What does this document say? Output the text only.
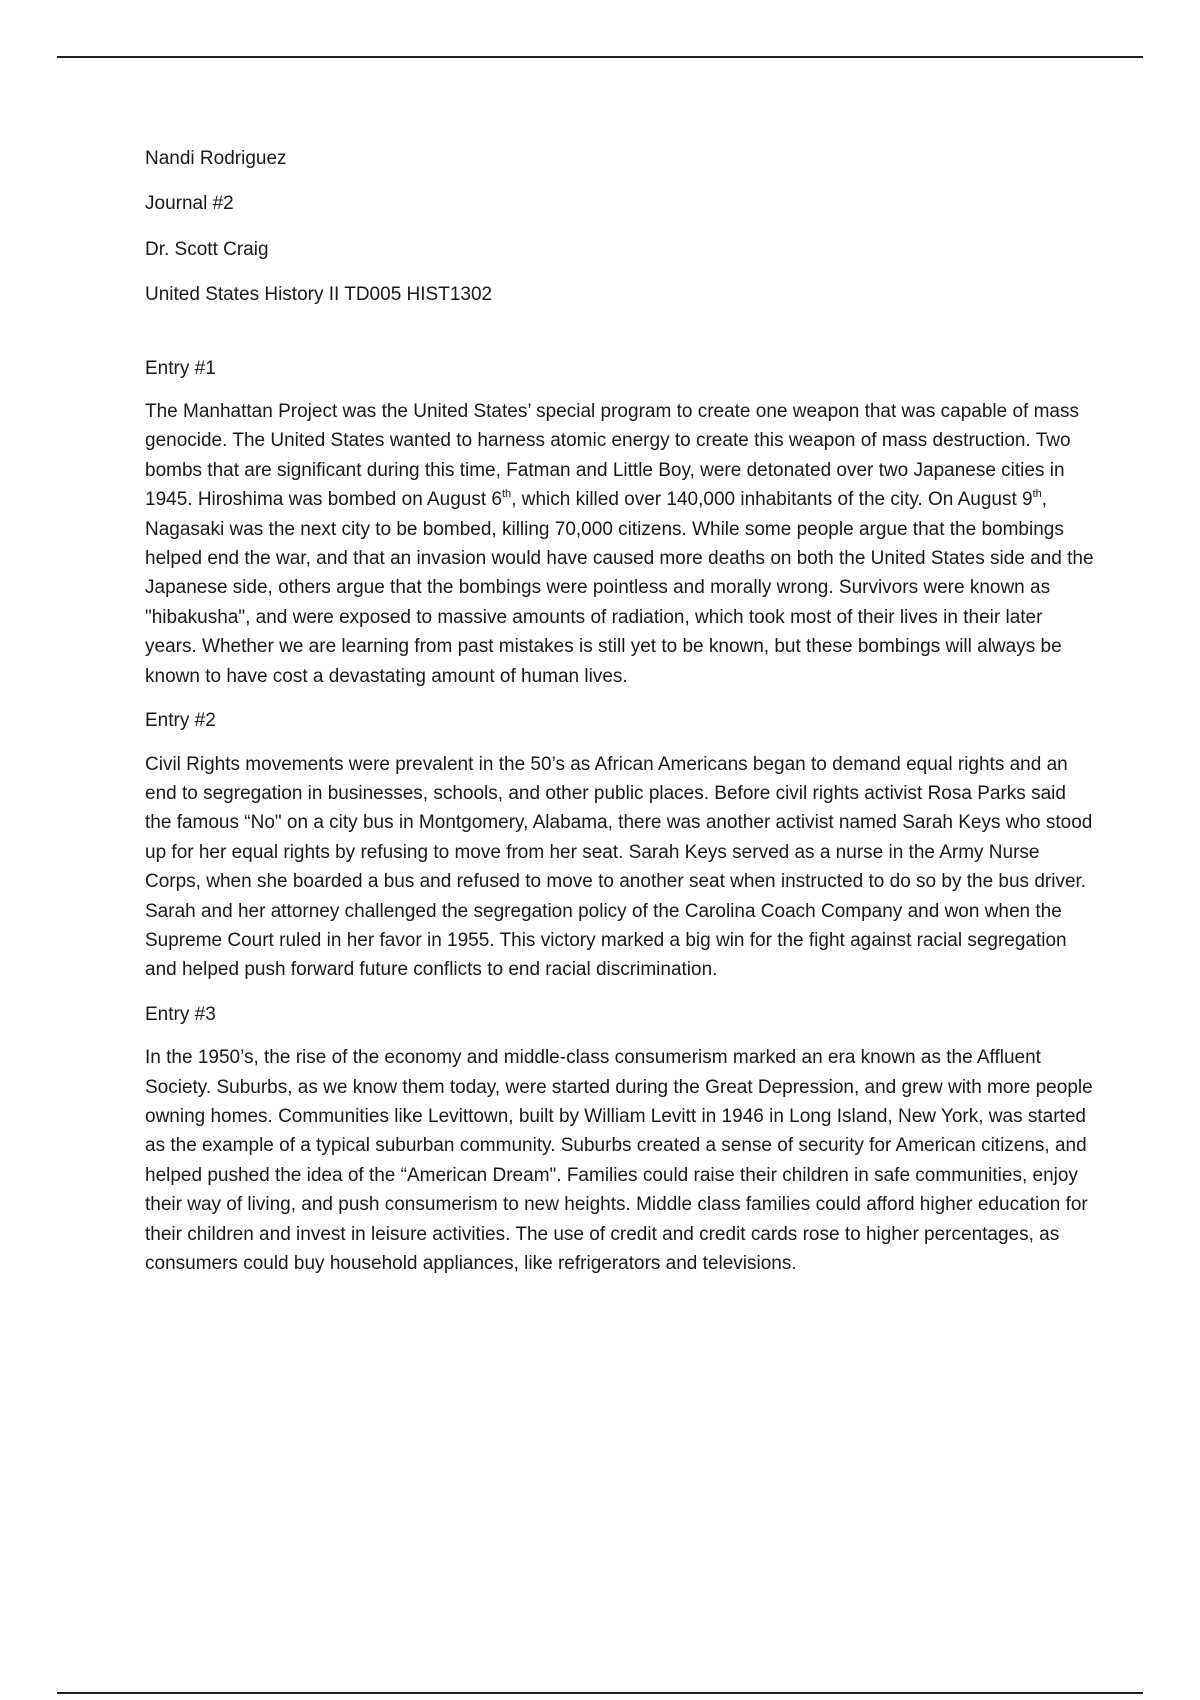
Nandi Rodriguez

Journal #2

Dr. Scott Craig

United States History II TD005 HIST1302

Entry #1

The Manhattan Project was the United States’ special program to create one weapon that was capable of mass genocide. The United States wanted to harness atomic energy to create this weapon of mass destruction. Two bombs that are significant during this time, Fatman and Little Boy, were detonated over two Japanese cities in 1945. Hiroshima was bombed on August 6th, which killed over 140,000 inhabitants of the city. On August 9th, Nagasaki was the next city to be bombed, killing 70,000 citizens. While some people argue that the bombings helped end the war, and that an invasion would have caused more deaths on both the United States side and the Japanese side, others argue that the bombings were pointless and morally wrong. Survivors were known as "hibakusha", and were exposed to massive amounts of radiation, which took most of their lives in their later years. Whether we are learning from past mistakes is still yet to be known, but these bombings will always be known to have cost a devastating amount of human lives.

Entry #2

Civil Rights movements were prevalent in the 50’s as African Americans began to demand equal rights and an end to segregation in businesses, schools, and other public places. Before civil rights activist Rosa Parks said the famous “No" on a city bus in Montgomery, Alabama, there was another activist named Sarah Keys who stood up for her equal rights by refusing to move from her seat. Sarah Keys served as a nurse in the Army Nurse Corps, when she boarded a bus and refused to move to another seat when instructed to do so by the bus driver. Sarah and her attorney challenged the segregation policy of the Carolina Coach Company and won when the Supreme Court ruled in her favor in 1955. This victory marked a big win for the fight against racial segregation and helped push forward future conflicts to end racial discrimination.

Entry #3

In the 1950’s, the rise of the economy and middle-class consumerism marked an era known as the Affluent Society. Suburbs, as we know them today, were started during the Great Depression, and grew with more people owning homes. Communities like Levittown, built by William Levitt in 1946 in Long Island, New York, was started as the example of a typical suburban community. Suburbs created a sense of security for American citizens, and helped pushed the idea of the “American Dream". Families could raise their children in safe communities, enjoy their way of living, and push consumerism to new heights. Middle class families could afford higher education for their children and invest in leisure activities. The use of credit and credit cards rose to higher percentages, as consumers could buy household appliances, like refrigerators and televisions.
